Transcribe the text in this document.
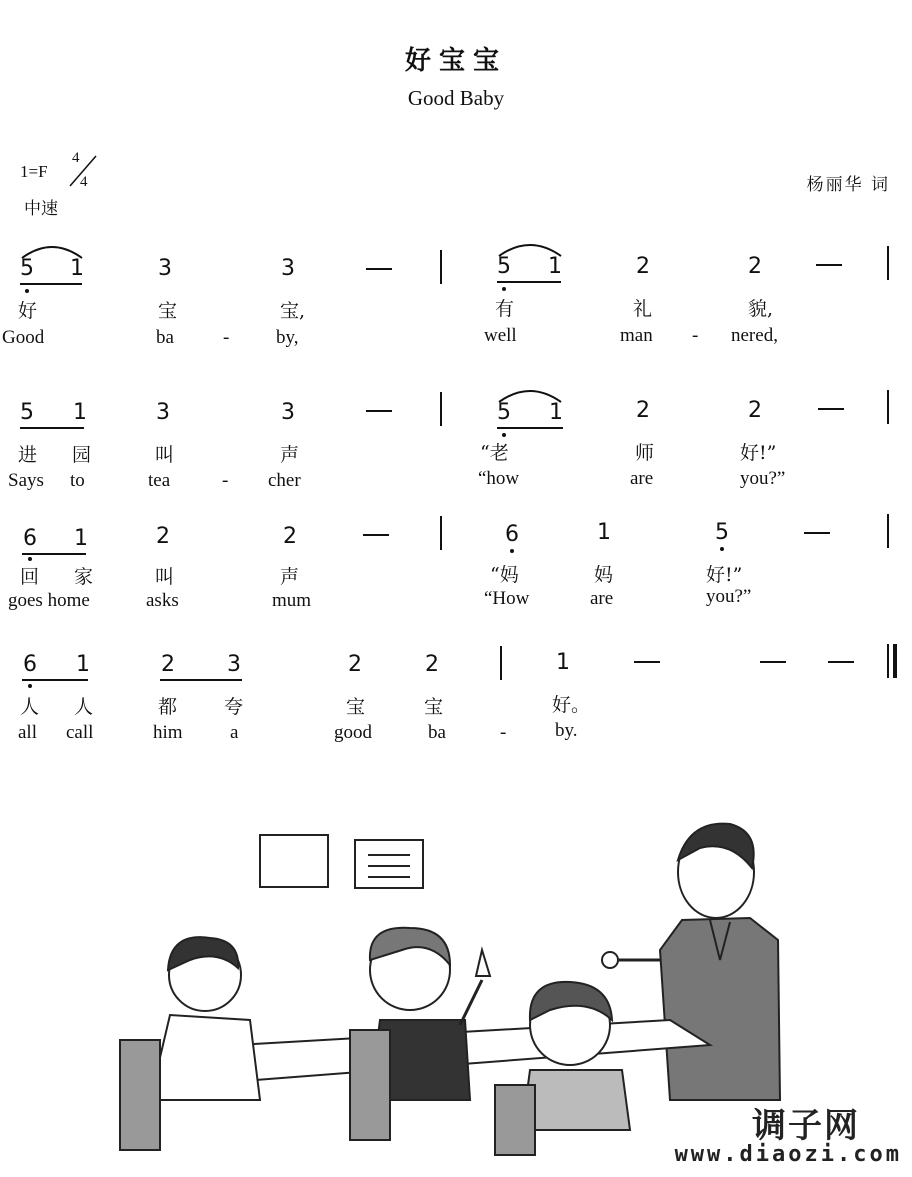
好宝宝
Good Baby
1=F
4
4
中速
杨丽华 词
5 1	3	3	5 1	2	2
好	宝	宝,	有	礼	貌,
Good	ba	- by,	well	man - nered,
5 1	3	3	5 1	2	2
进 园	叫	声	“老	师	好!”
Says to	tea	- cher	“how	are	you?”
6 1	2	2	6	1	5
回 家	叫	声	“妈	妈	好!”
goes home	asks	mum	“How	are	you?”
6 1	2 3	2	2	1
人 人	都 夸	宝	宝	好。
all call	him a	good	ba	-	by.
调子网
www.diaozi.com
